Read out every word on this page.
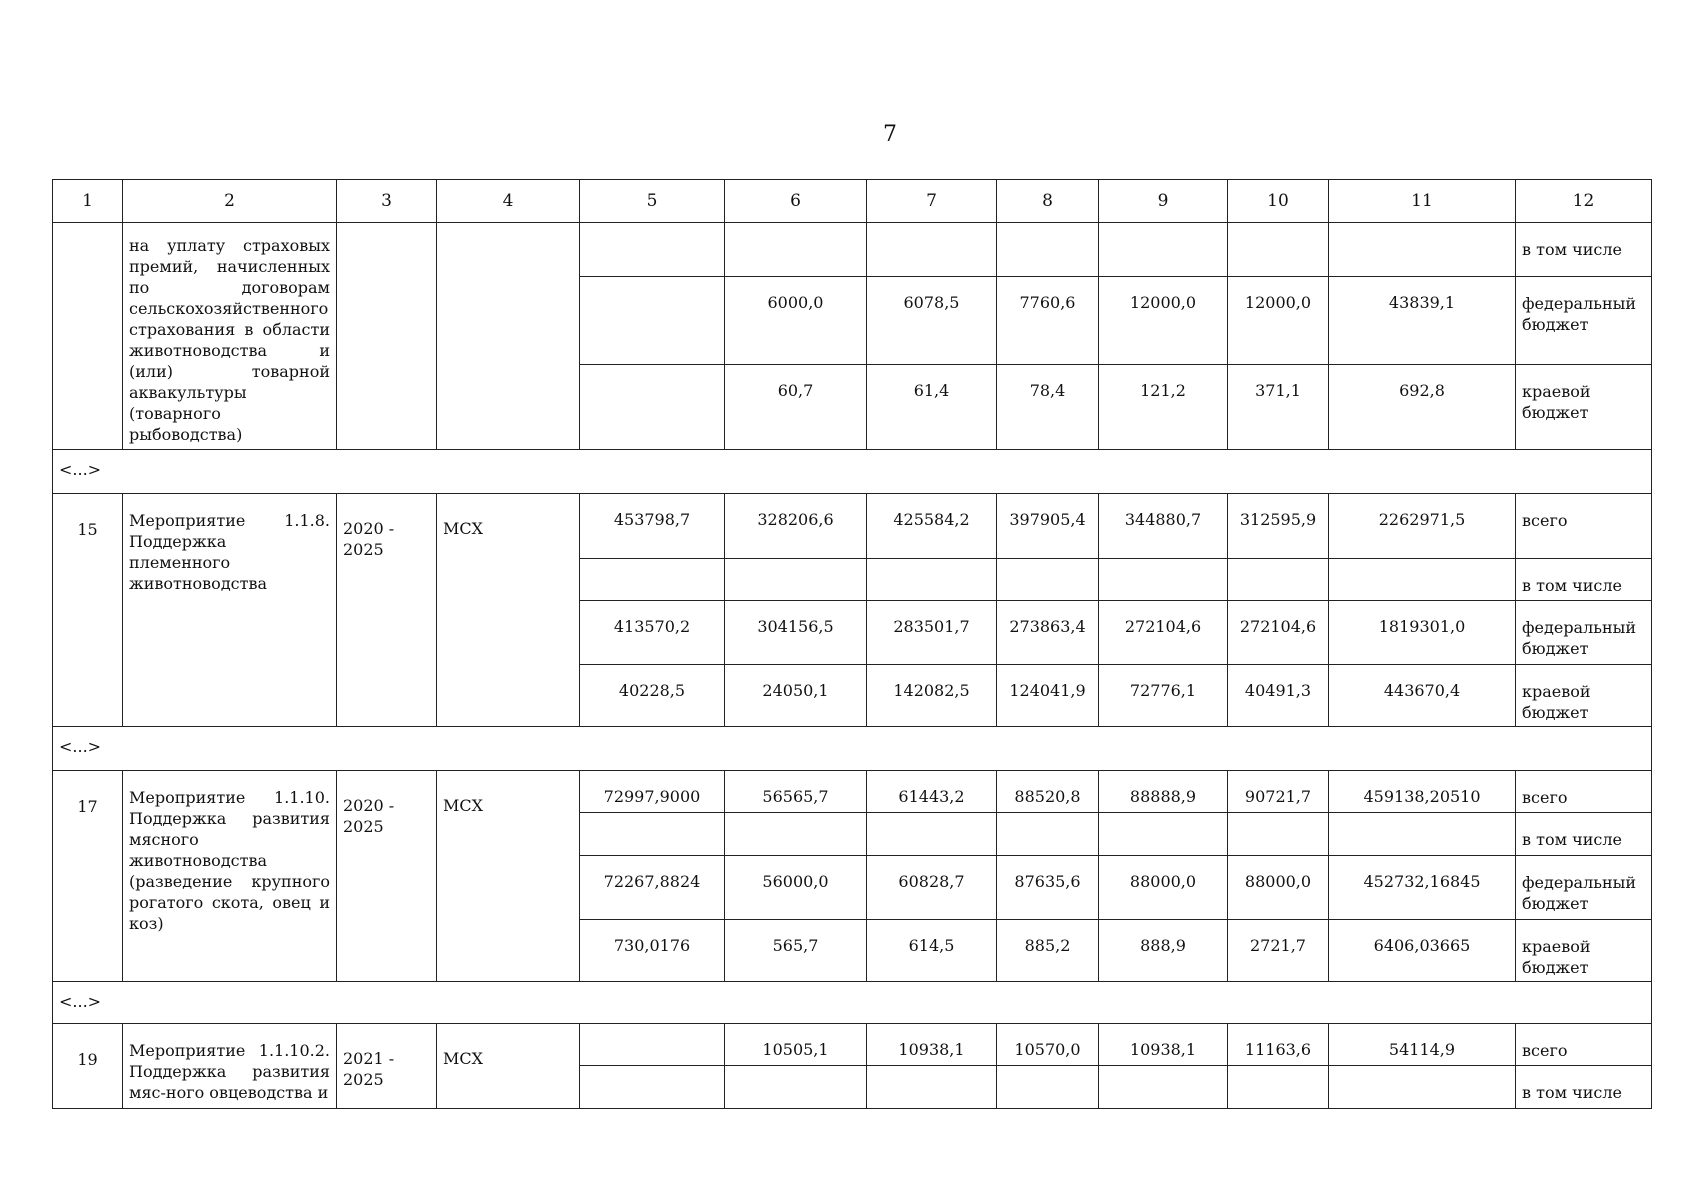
7
1	2	3	4	5	6	7	8	9	10	11	12
	на уплату страховых премий, начисленных по договорам сельскохозяйственного страхования в области животноводства и (или) товарной аквакультуры (товарного рыбоводства)										в том числе
					6000,0	6078,5	7760,6	12000,0	12000,0	43839,1	федеральный бюджет
					60,7	61,4	78,4	121,2	371,1	692,8	краевой бюджет
<...>											
15	Мероприятие 1.1.8. Поддержка племенного животноводства	2020 - 2025	МСХ	453798,7	328206,6	425584,2	397905,4	344880,7	312595,9	2262971,5	всего
											в том числе
				413570,2	304156,5	283501,7	273863,4	272104,6	272104,6	1819301,0	федеральный бюджет
				40228,5	24050,1	142082,5	124041,9	72776,1	40491,3	443670,4	краевой бюджет
<...>											
17	Мероприятие 1.1.10. Поддержка развития мясного животноводства (разведение крупного рогатого скота, овец и коз)	2020 - 2025	МСХ	72997,9000	56565,7	61443,2	88520,8	88888,9	90721,7	459138,20510	всего
											в том числе
				72267,8824	56000,0	60828,7	87635,6	88000,0	88000,0	452732,16845	федеральный бюджет
				730,0176	565,7	614,5	885,2	888,9	2721,7	6406,03665	краевой бюджет
<...>											
19	Мероприятие 1.1.10.2. Поддержка развития мяс-ного овцеводства и	2021 - 2025	МСХ		10505,1	10938,1	10570,0	10938,1	11163,6	54114,9	всего
											в том числе
